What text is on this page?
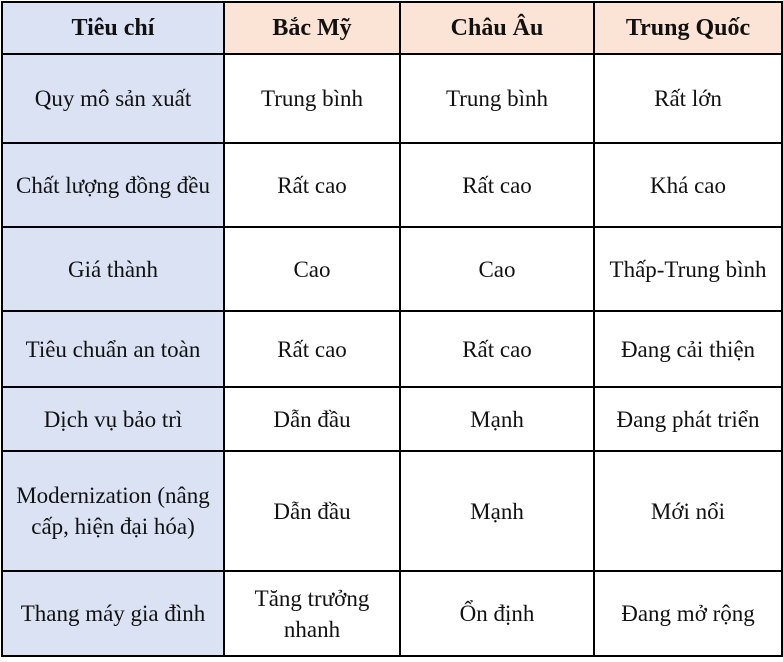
Tiêu chí	Bắc Mỹ	Châu Âu	Trung Quốc
Quy mô sản xuất	Trung bình	Trung bình	Rất lớn
Chất lượng đồng đều	Rất cao	Rất cao	Khá cao
Giá thành	Cao	Cao	Thấp-Trung bình
Tiêu chuẩn an toàn	Rất cao	Rất cao	Đang cải thiện
Dịch vụ bảo trì	Dẫn đầu	Mạnh	Đang phát triển
Modernization (nâng cấp, hiện đại hóa)	Dẫn đầu	Mạnh	Mới nổi
Thang máy gia đình	Tăng trưởng nhanh	Ổn định	Đang mở rộng
